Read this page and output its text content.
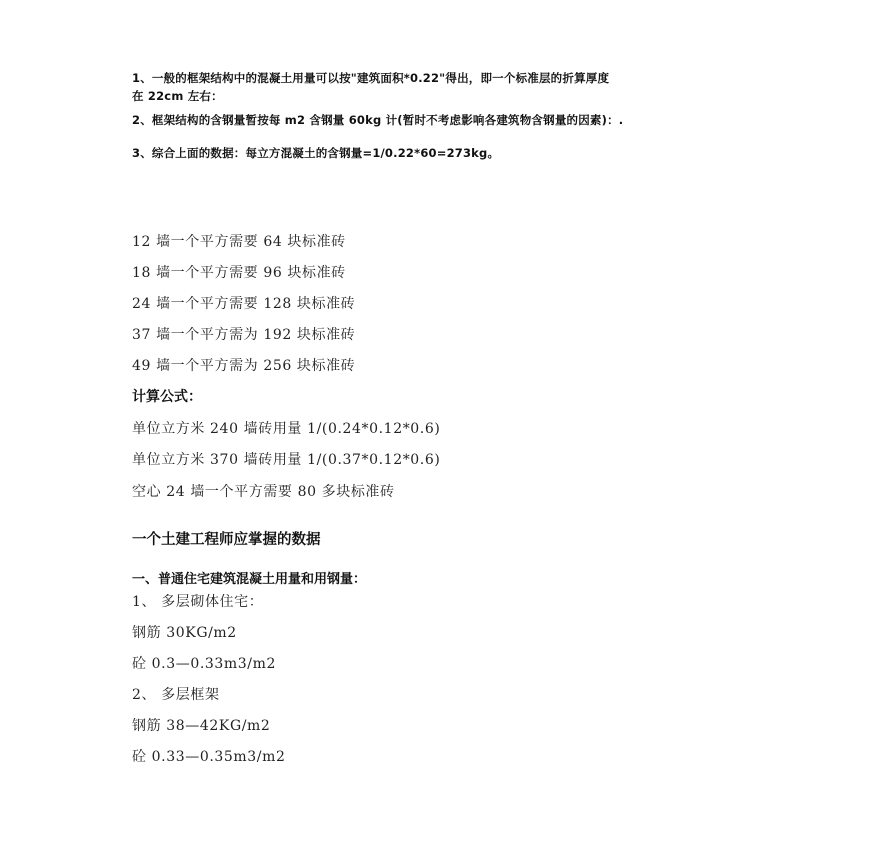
1、一般的框架结构中的混凝土用量可以按"建筑面积*0.22"得出，即一个标准层的折算厚度
在 22cm 左右：
2、框架结构的含钢量暂按每 m2 含钢量 60kg 计(暂时不考虑影响各建筑物含钢量的因素)：.
3、综合上面的数据：每立方混凝土的含钢量=1/0.22*60=273kg。
12 墙一个平方需要 64 块标准砖
18 墙一个平方需要 96 块标准砖
24 墙一个平方需要 128 块标准砖
37 墙一个平方需为 192 块标准砖
49 墙一个平方需为 256 块标准砖
计算公式：
单位立方米 240 墙砖用量 1/(0.24*0.12*0.6)
单位立方米 370 墙砖用量 1/(0.37*0.12*0.6)
空心 24 墙一个平方需要 80 多块标准砖
一个土建工程师应掌握的数据
一、普通住宅建筑混凝土用量和用钢量：
1、 多层砌体住宅：
钢筋 30KG/m2
砼 0.3—0.33m3/m2
2、 多层框架
钢筋 38—42KG/m2
砼 0.33—0.35m3/m2
